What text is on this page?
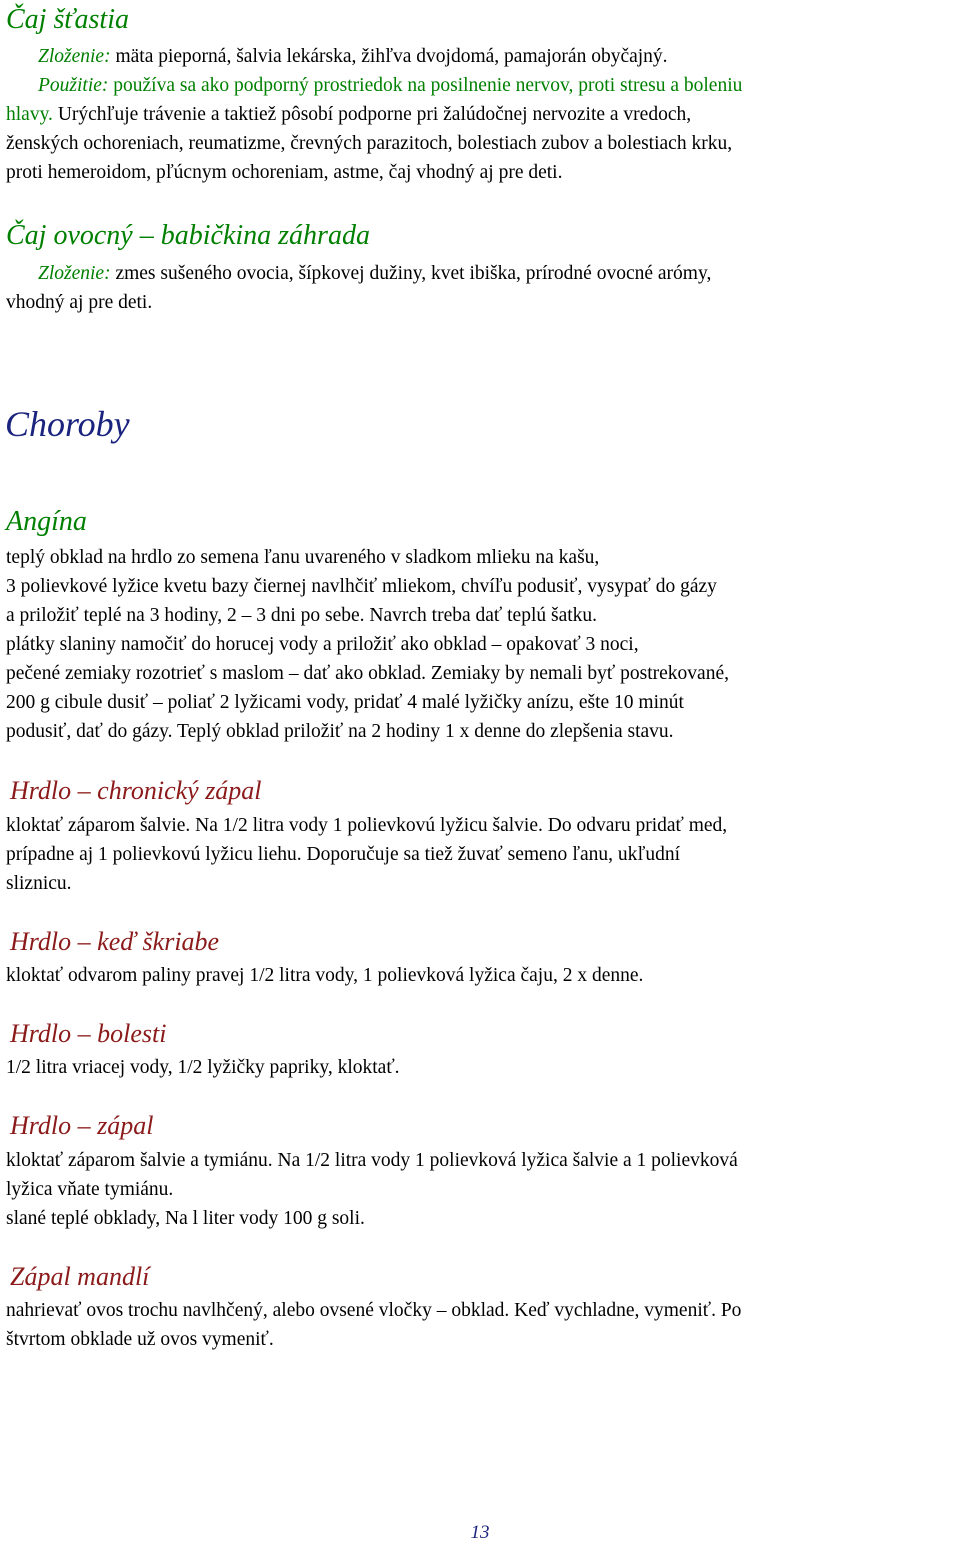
Čaj šťastia
Zloženie: mäta pieporná, šalvia lekárska, žihľva dvojdomá, pamajorán obyčajný.
Použitie: používa sa ako podporný prostriedok na posilnenie nervov, proti stresu a boleniu
hlavy. Urýchľuje trávenie a taktiež pôsobí podporne pri žalúdočnej nervozite a vredoch,
ženských ochoreniach, reumatizme, črevných parazitoch, bolestiach zubov a bolestiach krku,
proti hemeroidom, pľúcnym ochoreniam, astme, čaj vhodný aj pre deti.
Čaj ovocný – babičkina záhrada
Zloženie: zmes sušeného ovocia, šípkovej dužiny, kvet ibiška, prírodné ovocné arómy,
vhodný aj pre deti.
Choroby
Angína
teplý obklad na hrdlo zo semena ľanu uvareného v sladkom mlieku na kašu,
3 polievkové lyžice kvetu bazy čiernej navlhčiť mliekom, chvíľu podusiť, vysypať do gázy
a priložiť teplé na 3 hodiny, 2 – 3 dni po sebe. Navrch treba dať teplú šatku.
plátky slaniny namočiť do horucej vody a priložiť ako obklad – opakovať 3 noci,
pečené zemiaky rozotrieť s maslom – dať ako obklad. Zemiaky by nemali byť postrekované,
200 g cibule dusiť – poliať 2 lyžicami vody, pridať 4 malé lyžičky anízu, ešte 10 minút
podusiť, dať do gázy. Teplý obklad priložiť na 2 hodiny 1 x denne do zlepšenia stavu.
Hrdlo – chronický zápal
kloktať záparom šalvie. Na 1/2 litra vody 1 polievkovú lyžicu šalvie. Do odvaru pridať med,
prípadne aj 1 polievkovú lyžicu liehu. Doporučuje sa tiež žuvať semeno ľanu, ukľudní
sliznicu.
Hrdlo – keď škriabe
kloktať odvarom paliny pravej 1/2 litra vody, 1 polievková lyžica čaju, 2 x denne.
Hrdlo – bolesti
1/2 litra vriacej vody, 1/2 lyžičky papriky, kloktať.
Hrdlo – zápal
kloktať záparom šalvie a tymiánu. Na 1/2 litra vody 1 polievková lyžica šalvie a 1 polievková
lyžica vňate tymiánu.
slané teplé obklady, Na l liter vody 100 g soli.
Zápal mandlí
nahrievať ovos trochu navlhčený, alebo ovsené vločky – obklad. Keď vychladne, vymeniť. Po
štvrtom obklade už ovos vymeniť.
13
